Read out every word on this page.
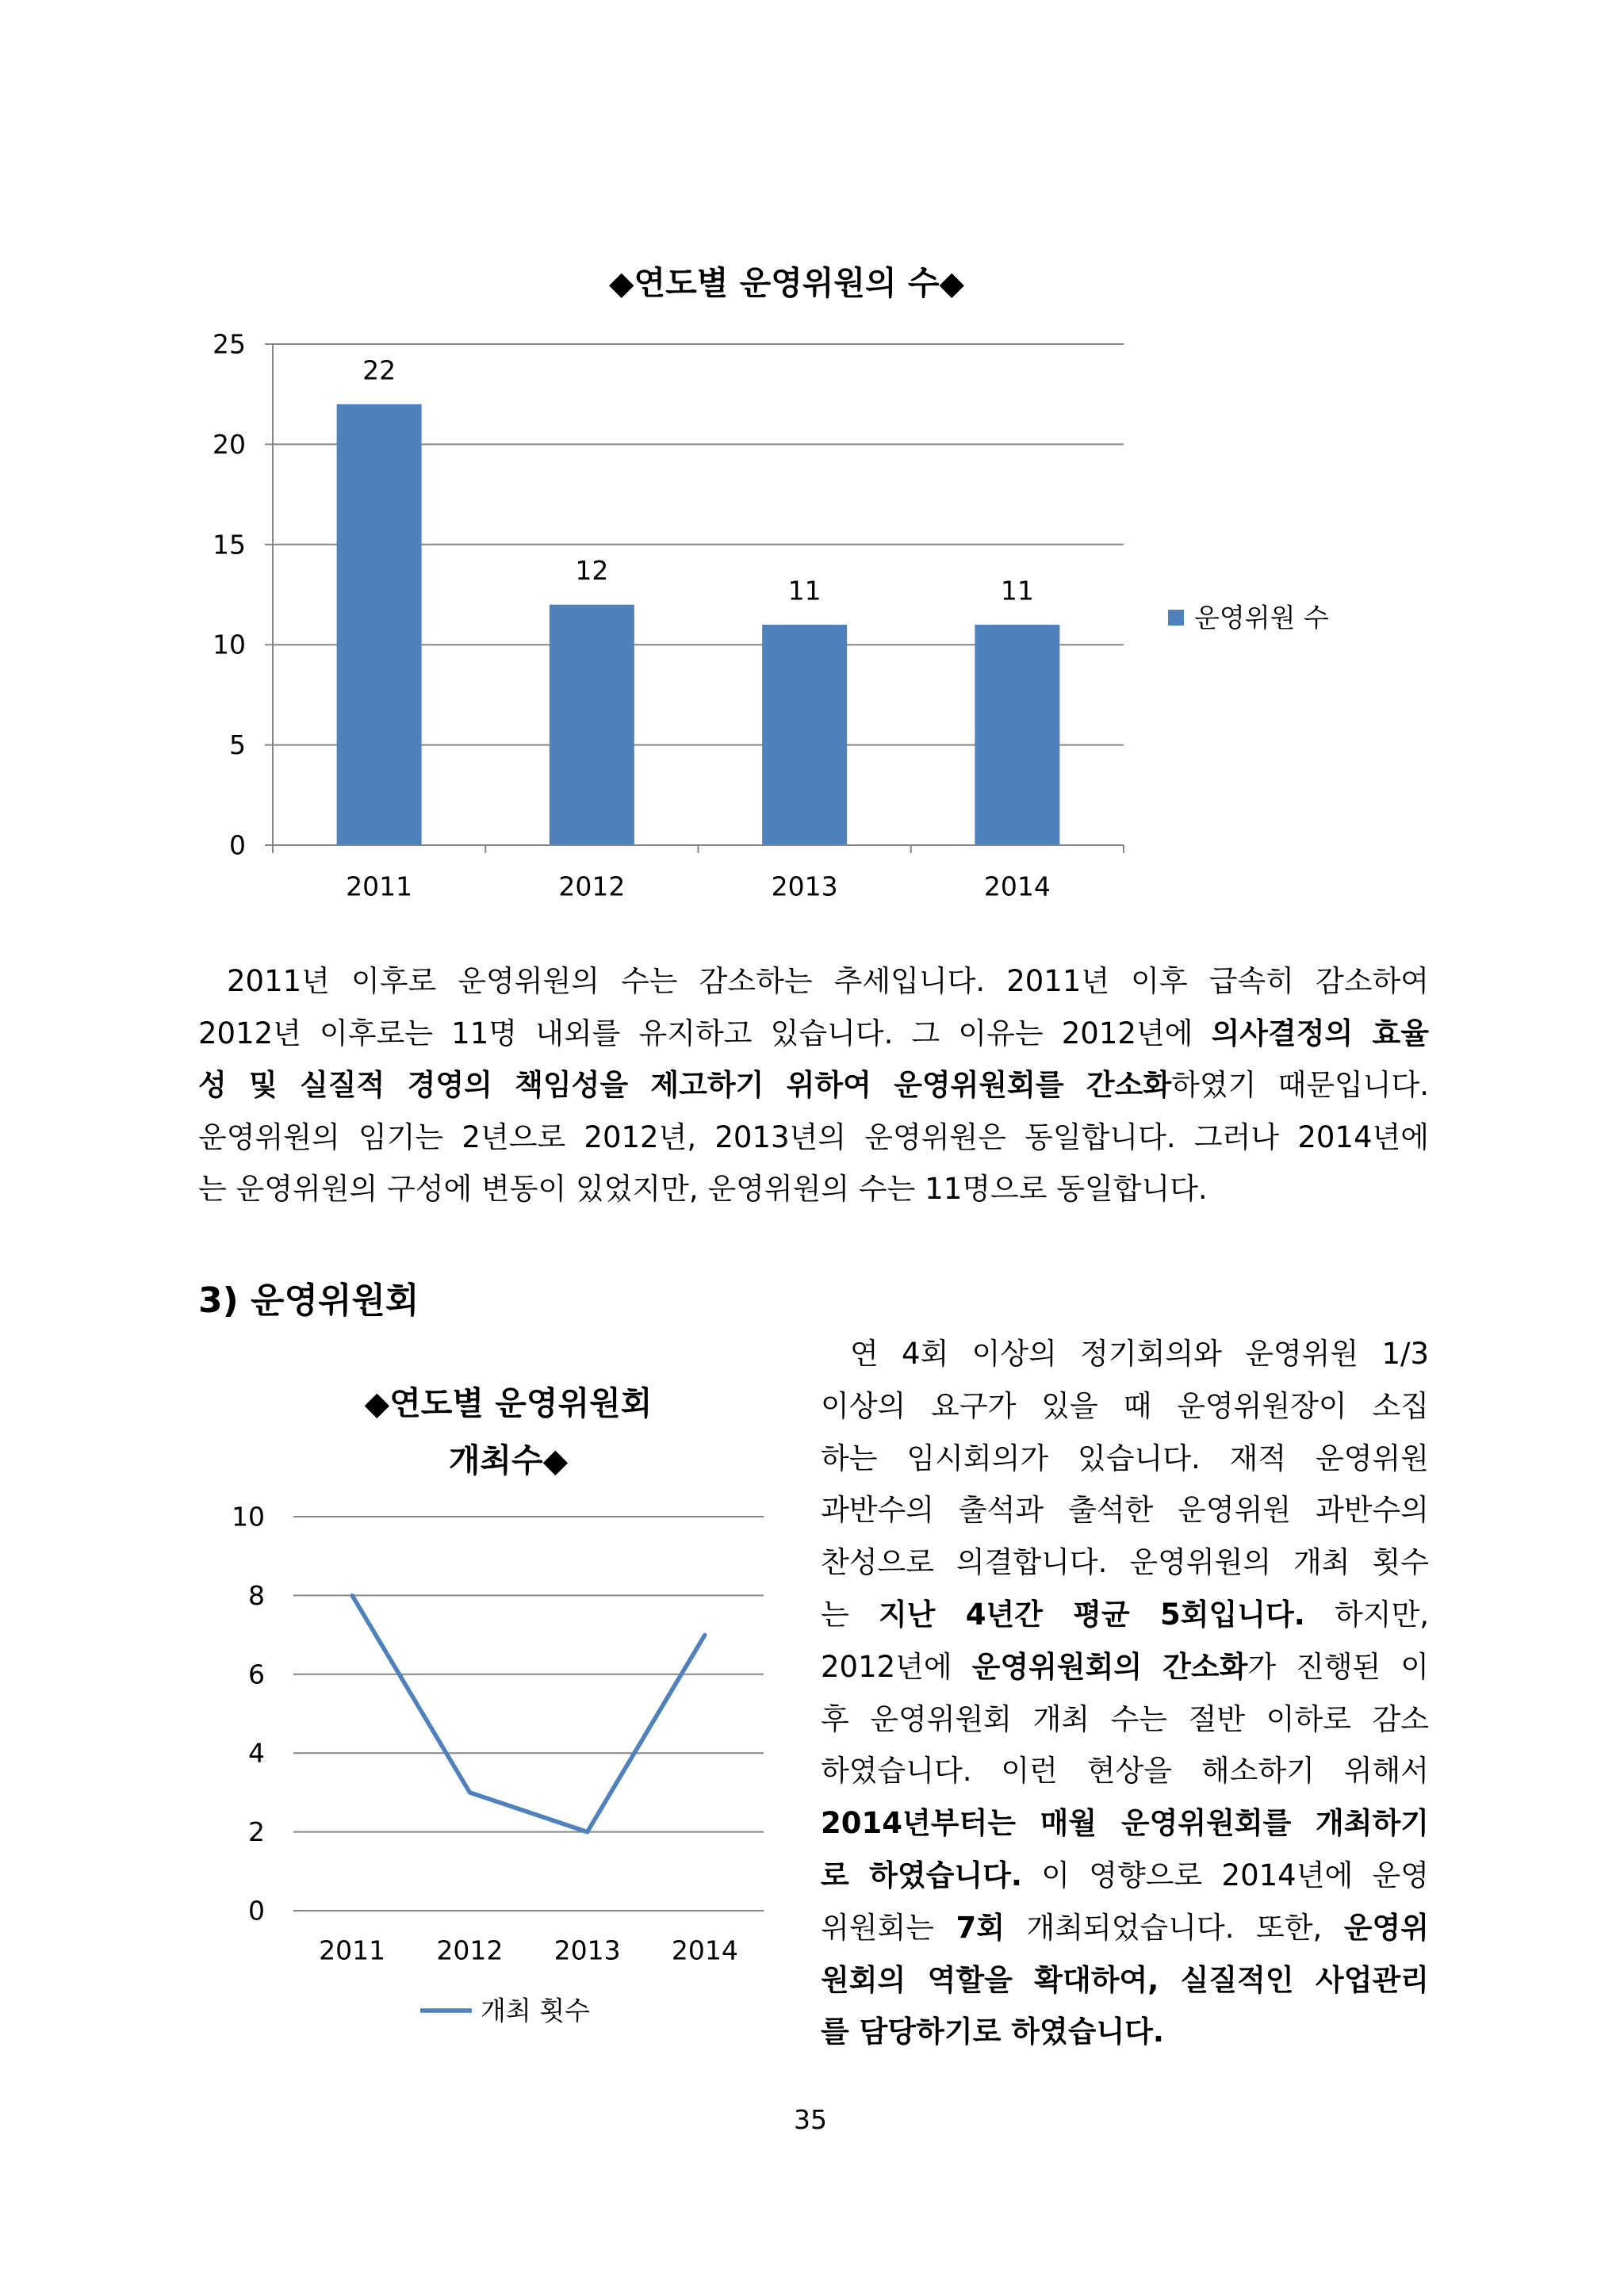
◆연도별 운영위원의 수◆
22
2011
12
2012
11
2013
11
2014
0
5
10
15
20
25
운영위원 수
2011년 이후로 운영위원의 수는 감소하는 추세입니다. 2011년 이후 급속히 감소하여
2012년 이후로는 11명 내외를 유지하고 있습니다. 그 이유는 2012년에 의사결정의 효율
성 및 실질적 경영의 책임성을 제고하기 위하여 운영위원회를 간소화하였기 때문입니다.
운영위원의 임기는 2년으로 2012년, 2013년의 운영위원은 동일합니다. 그러나 2014년에
는 운영위원의 구성에 변동이 있었지만, 운영위원의 수는 11명으로 동일합니다.
3) 운영위원회
◆연도별 운영위원회
개최수◆
0
2
4
6
8
10
2011 2012 2013 2014
개최 횟수
연 4회 이상의 정기회의와 운영위원 1/3
이상의 요구가 있을 때 운영위원장이 소집
하는 임시회의가 있습니다. 재적 운영위원
과반수의 출석과 출석한 운영위원 과반수의
찬성으로 의결합니다. 운영위원의 개최 횟수
는 지난 4년간 평균 5회입니다. 하지만,
2012년에 운영위원회의 간소화가 진행된 이
후 운영위원회 개최 수는 절반 이하로 감소
하였습니다. 이런 현상을 해소하기 위해서
2014년부터는 매월 운영위원회를 개최하기
로 하였습니다. 이 영향으로 2014년에 운영
위원회는 7회 개최되었습니다. 또한, 운영위
원회의 역할을 확대하여, 실질적인 사업관리
를 담당하기로 하였습니다.
35
